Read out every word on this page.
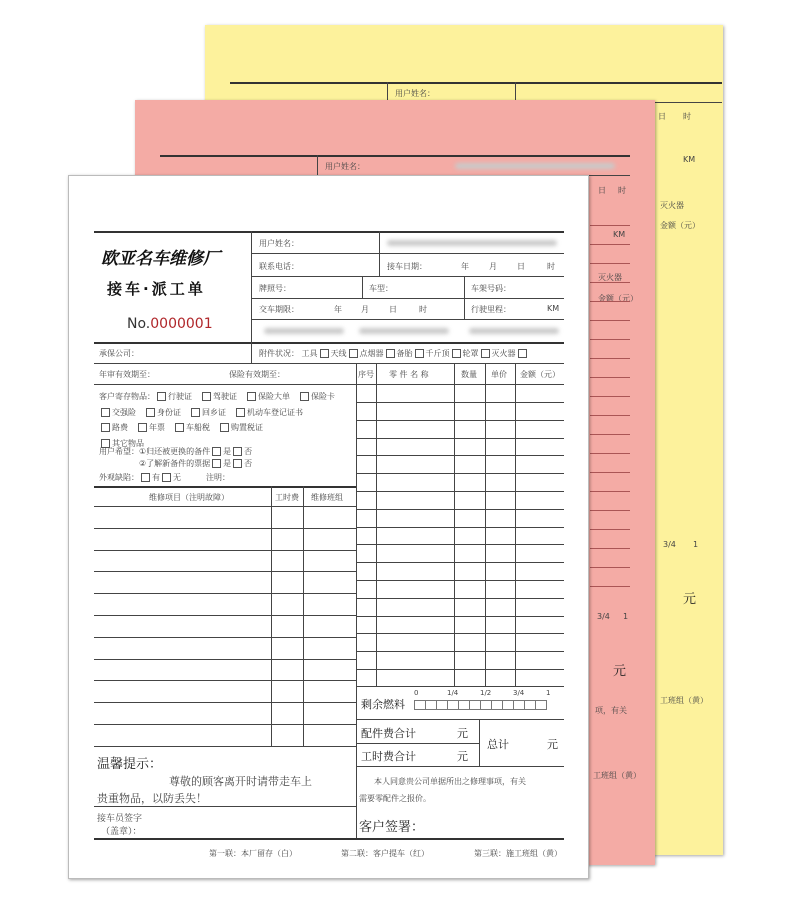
用户姓名：
日 时
KM
灭火器
金额（元）
3/4 1
元
工班组（黄）
用户姓名：
日 时
KM
灭火器
金额（元）
3/4 1
元
项，有关
工班组（黄）
欧亚名车维修厂
接车·派工单
No.0000001
用户姓名：
联系电话：	接车日期：	年	月	日	时
牌照号：	车型：	车架号码：
交车期限：	年 月	日	时	行驶里程：	KM
承保公司：	附件状况： 工具 天线 点烟器 备胎 千斤顶 轮罩 灭火器
年审有效期至：	保险有效期至：
客户寄存物品： 行驶证	驾驶证	保险大单	保险卡
交强险	身份证	回乡证	机动车登记证书
路费	年票	车船税	购置税证
其它物品
用户希望：①归还被更换的备件 是 否
②了解新备件的票据 是 否
外观缺陷： 有 无	注明：
维修项目（注明故障）	工时费 维修班组
序号 零 件 名 称	数量 单价 金额（元）
剩余燃料
0	1/4	1/2	3/4	1
配件费合计	元
工时费合计	元
总计	元
本人同意贵公司单据所出之修理事项，有关
需要零配件之报价。
客户签署：
温馨提示：
尊敬的顾客离开时请带走车上
贵重物品，以防丢失！
接车员签字
（盖章）：
第一联：本厂留存（白）	第二联：客户提车（红）	第三联：施工班组（黄）
